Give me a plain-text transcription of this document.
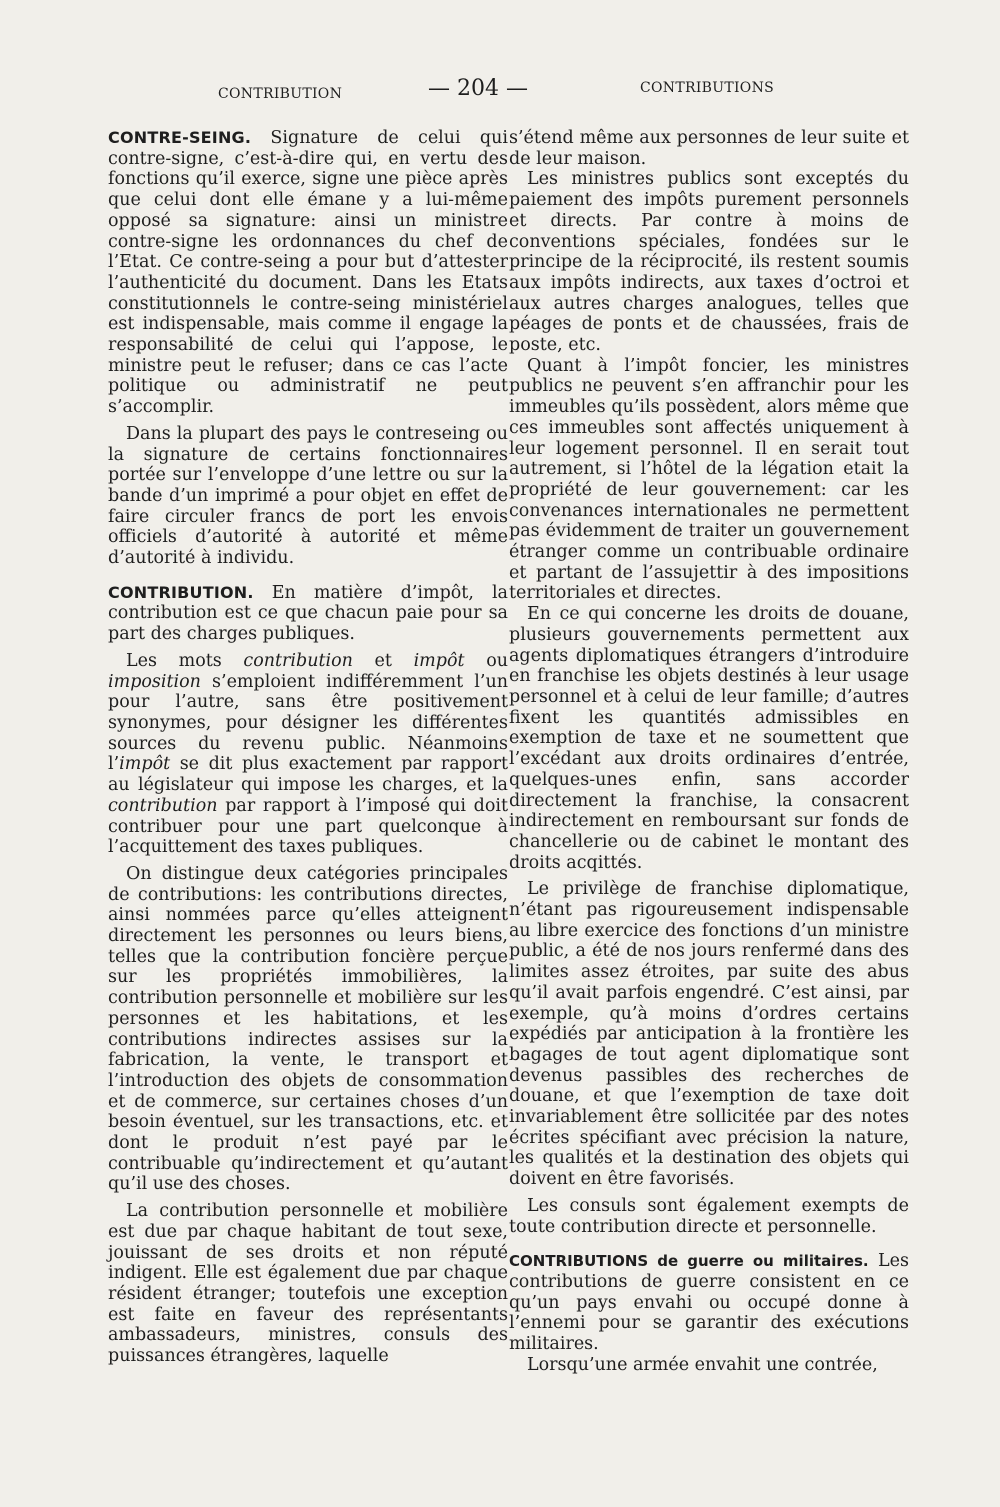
CONTRIBUTION	— 204 —	CONTRIBUTIONS

CONTRE-SEING. Signature de celui qui contre-signe, c’est-à-dire qui, en vertu des fonctions qu’il exerce, signe une pièce après que celui dont elle émane y a lui-même opposé sa signature: ainsi un ministre contre-signe les ordonnances du chef de l’Etat. Ce contre-seing a pour but d’attester l’authenticité du document. Dans les Etats constitutionnels le contre-seing ministériel est indispensable, mais comme il engage la responsabilité de celui qui l’appose, le ministre peut le refuser; dans ce cas l’acte politique ou administratif ne peut s’accomplir.

Dans la plupart des pays le contreseing ou la signature de certains fonctionnaires portée sur l’enveloppe d’une lettre ou sur la bande d’un imprimé a pour objet en effet de faire circuler francs de port les envois officiels d’autorité à autorité et même d’autorité à individu.

CONTRIBUTION. En matière d’impôt, la contribution est ce que chacun paie pour sa part des charges publiques.

Les mots contribution et impôt ou imposition s’emploient indifféremment l’un pour l’autre, sans être positivement synonymes, pour désigner les différentes sources du revenu public. Néanmoins l’impôt se dit plus exactement par rapport au législateur qui impose les charges, et la contribution par rapport à l’imposé qui doit contribuer pour une part quelconque à l’acquittement des taxes publiques.

On distingue deux catégories principales de contributions: les contributions directes, ainsi nommées parce qu’elles atteignent directement les personnes ou leurs biens, telles que la contribution foncière perçue sur les propriétés immobilières, la contribution personnelle et mobilière sur les personnes et les habitations, et les contributions indirectes assises sur la fabrication, la vente, le transport et l’introduction des objets de consommation et de commerce, sur certaines choses d’un besoin éventuel, sur les transactions, etc. et dont le produit n’est payé par le contribuable qu’indirectement et qu’autant qu’il use des choses.

La contribution personnelle et mobilière est due par chaque habitant de tout sexe, jouissant de ses droits et non réputé indigent. Elle est également due par chaque résident étranger; toutefois une exception est faite en faveur des représentants ambassadeurs, ministres, consuls des puissances étrangères, laquelle

s’étend même aux personnes de leur suite et de leur maison.

Les ministres publics sont exceptés du paiement des impôts purement personnels et directs. Par contre à moins de conventions spéciales, fondées sur le principe de la réciprocité, ils restent soumis aux impôts indirects, aux taxes d’octroi et aux autres charges analogues, telles que péages de ponts et de chaussées, frais de poste, etc.

Quant à l’impôt foncier, les ministres publics ne peuvent s’en affranchir pour les immeubles qu’ils possèdent, alors même que ces immeubles sont affectés uniquement à leur logement personnel. Il en serait tout autrement, si l’hôtel de la légation etait la propriété de leur gouvernement: car les convenances internationales ne permettent pas évidemment de traiter un gouvernement étranger comme un contribuable ordinaire et partant de l’assujettir à des impositions territoriales et directes.

En ce qui concerne les droits de douane, plusieurs gouvernements permettent aux agents diplomatiques étrangers d’introduire en franchise les objets destinés à leur usage personnel et à celui de leur famille; d’autres fixent les quantités admissibles en exemption de taxe et ne soumettent que l’excédant aux droits ordinaires d’entrée, quelques-unes enfin, sans accorder directement la franchise, la consacrent indirectement en remboursant sur fonds de chancellerie ou de cabinet le montant des droits acqittés.

Le privilège de franchise diplomatique, n’étant pas rigoureusement indispensable au libre exercice des fonctions d’un ministre public, a été de nos jours renfermé dans des limites assez étroites, par suite des abus qu’il avait parfois engendré. C’est ainsi, par exemple, qu’à moins d’ordres certains expédiés par anticipation à la frontière les bagages de tout agent diplomatique sont devenus passibles des recherches de douane, et que l’exemption de taxe doit invariablement être sollicitée par des notes écrites spécifiant avec précision la nature, les qualités et la destination des objets qui doivent en être favorisés.

Les consuls sont également exempts de toute contribution directe et personnelle.

CONTRIBUTIONS de guerre ou militaires. Les contributions de guerre consistent en ce qu’un pays envahi ou occupé donne à l’ennemi pour se garantir des exécutions militaires.

Lorsqu’une armée envahit une contrée,
